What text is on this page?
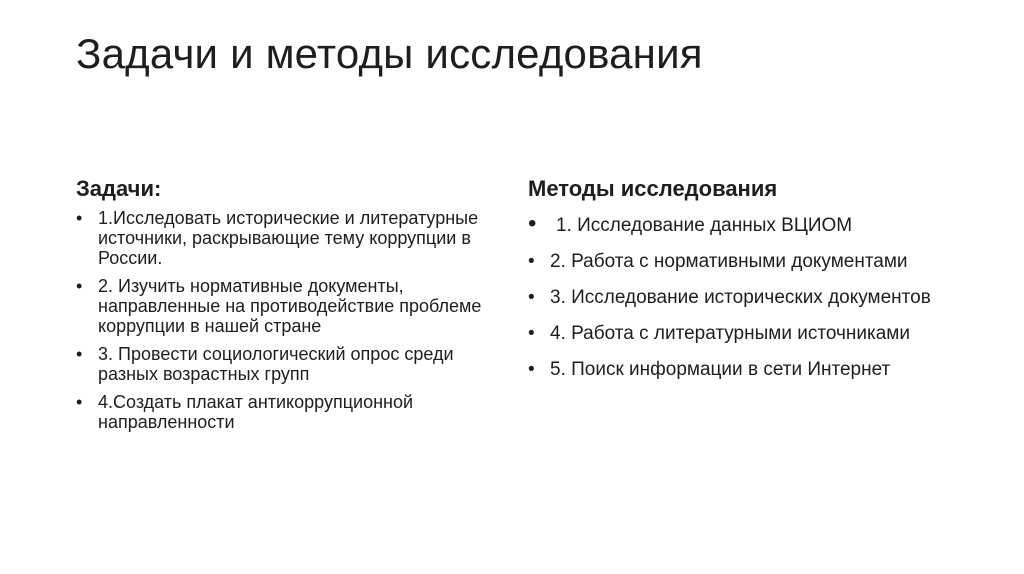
Задачи и методы исследования
Задачи:
• 1.Исследовать исторические и литературные источники, раскрывающие тему коррупции в России.
• 2. Изучить нормативные документы, направленные на противодействие проблеме коррупции в нашей стране
• 3. Провести социологический опрос среди разных возрастных групп
• 4.Создать плакат антикоррупционной направленности
Методы исследования
• 1. Исследование данных ВЦИОМ
• 2. Работа с нормативными документами
• 3. Исследование исторических документов
• 4. Работа с литературными источниками
• 5. Поиск информации в сети Интернет
